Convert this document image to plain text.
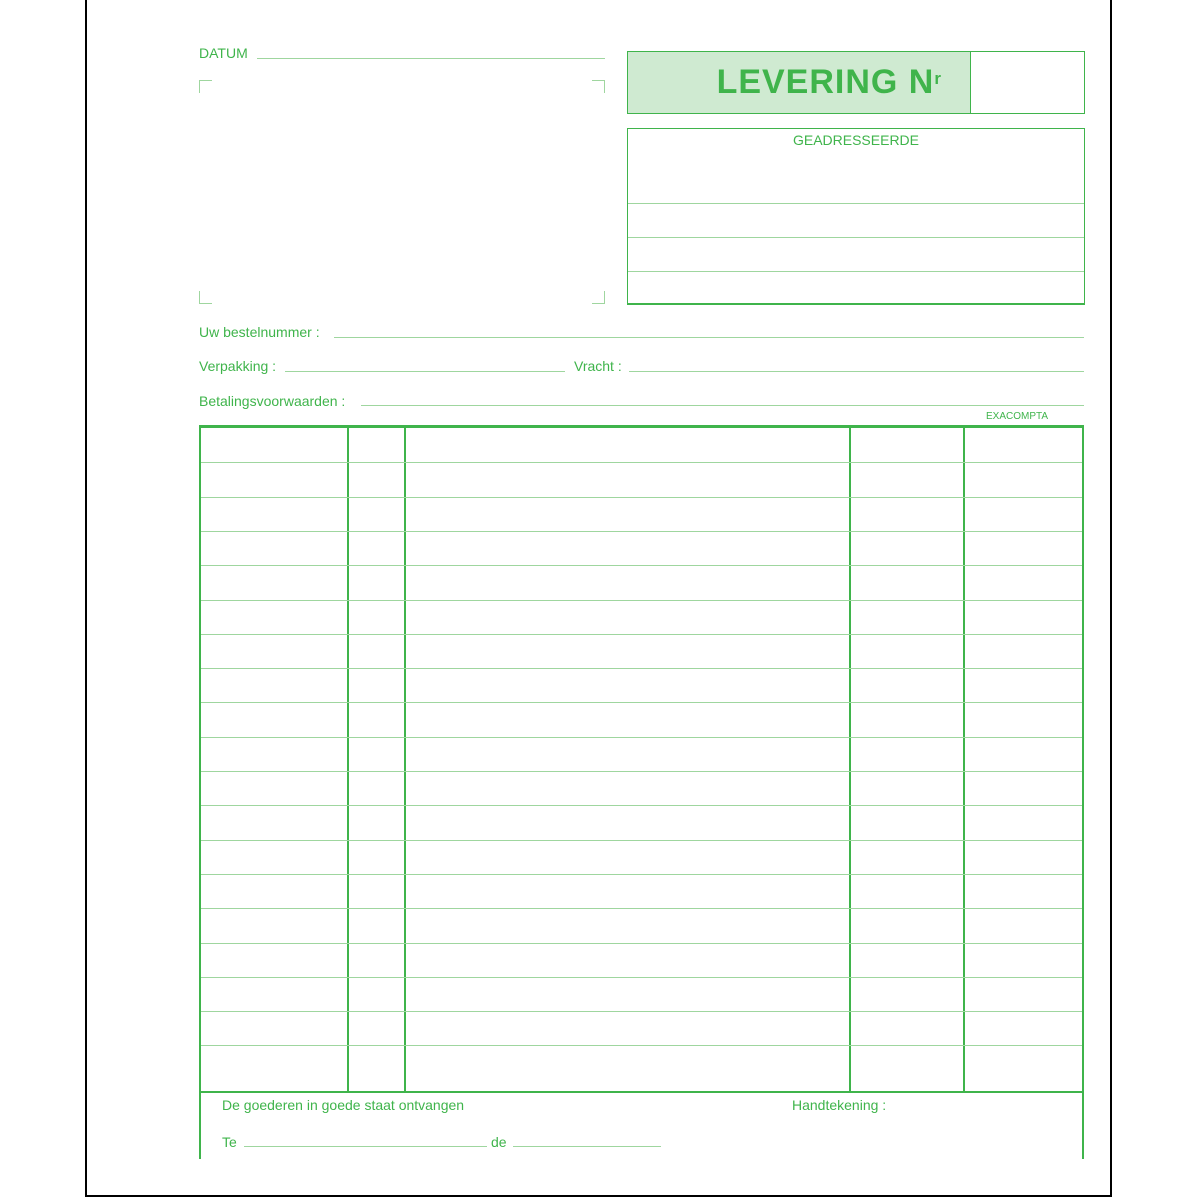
DATUM
LEVERING $N^r$
GEADRESSEERDE
Uw bestelnummer :
Verpakking :	Vracht :
Betalingsvoorwaarden :
EXACOMPTA
De goederen in goede staat ontvangen	Handtekening :
Te	de
